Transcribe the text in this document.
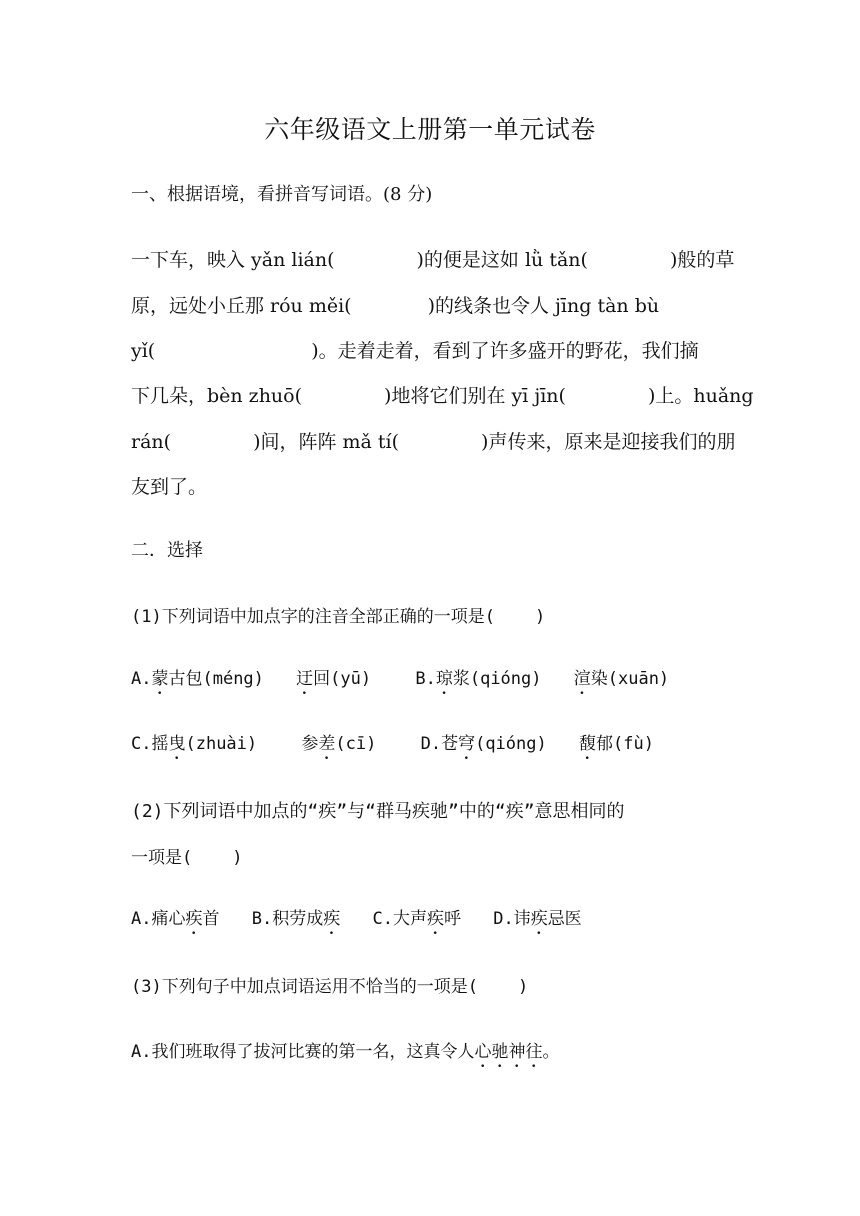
六年级语文上册第一单元试卷
一、根据语境，看拼音写词语。(8 分)
一下车，映入 yǎn lián(	)的便是这如 lǜ tǎn(	)般的草
原，远处小丘那 róu měi(	)的线条也令人 jīng tàn bù
yǐ(	)。走着走着，看到了许多盛开的野花，我们摘
下几朵，bèn zhuō(	)地将它们别在 yī jīn(	)上。huǎng
rán(	)间，阵阵 mǎ tí(	)声传来，原来是迎接我们的朋
友到了。
二．选择
(1)下列词语中加点字的注音全部正确的一项是( )
A.蒙古包(méng) 迂回(yū)	B.琼浆(qióng) 渲染(xuān)
C.摇曳(zhuài)	参差(cī)	D.苍穹(qióng) 馥郁(fù)
(2)下列词语中加点的“疾”与“群马疾驰”中的“疾”意思相同的
一项是( )
A.痛心疾首 B.积劳成疾 C.大声疾呼 D.讳疾忌医
(3)下列句子中加点词语运用不恰当的一项是( )
A.我们班取得了拔河比赛的第一名，这真令人心驰神往。
